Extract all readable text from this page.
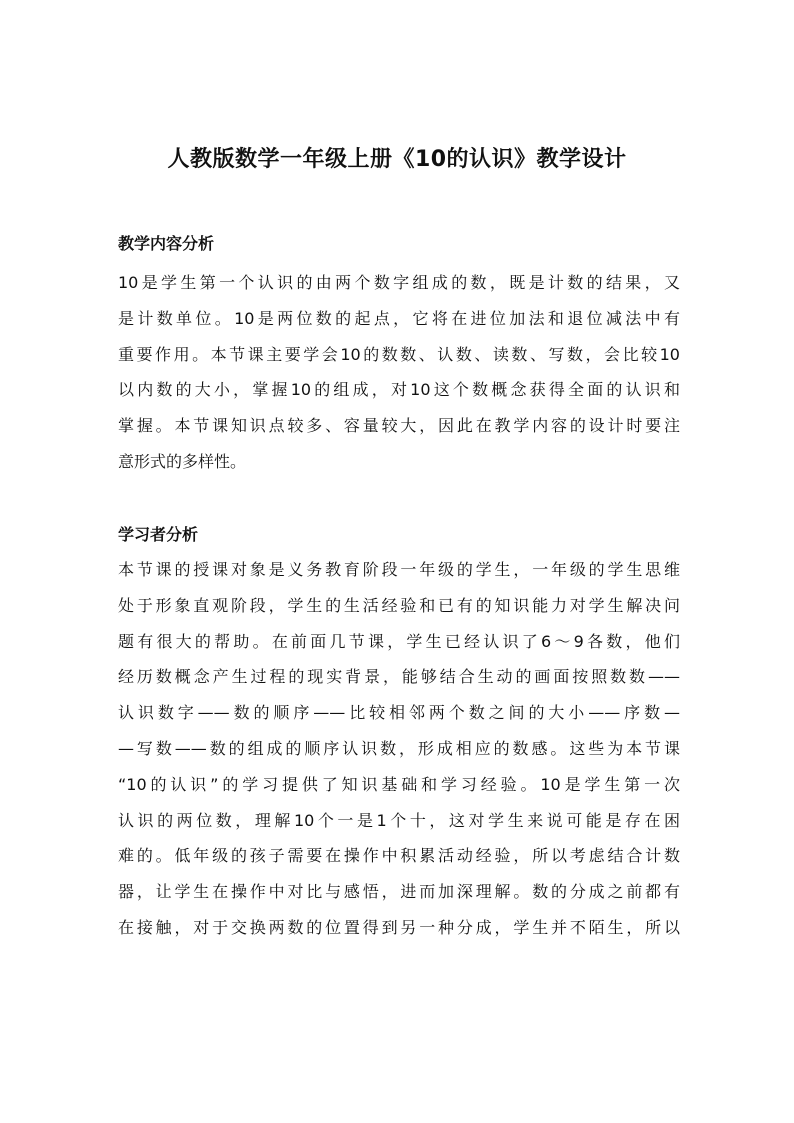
人教版数学一年级上册《10的认识》教学设计
教学内容分析
10是学生第一个认识的由两个数字组成的数，既是计数的结果，又
是计数单位。10是两位数的起点，它将在进位加法和退位减法中有
重要作用。本节课主要学会10的数数、认数、读数、写数，会比较10
以内数的大小，掌握10的组成，对10这个数概念获得全面的认识和
掌握。本节课知识点较多、容量较大，因此在教学内容的设计时要注
意形式的多样性。
学习者分析
本节课的授课对象是义务教育阶段一年级的学生，一年级的学生思维
处于形象直观阶段，学生的生活经验和已有的知识能力对学生解决问
题有很大的帮助。在前面几节课，学生已经认识了6～9各数，他们
经历数概念产生过程的现实背景，能够结合生动的画面按照数数——
认识数字——数的顺序——比较相邻两个数之间的大小——序数—
—写数——数的组成的顺序认识数，形成相应的数感。这些为本节课
“10的认识”的学习提供了知识基础和学习经验。10是学生第一次
认识的两位数，理解10个一是1个十，这对学生来说可能是存在困
难的。低年级的孩子需要在操作中积累活动经验，所以考虑结合计数
器，让学生在操作中对比与感悟，进而加深理解。数的分成之前都有
在接触，对于交换两数的位置得到另一种分成，学生并不陌生，所以
